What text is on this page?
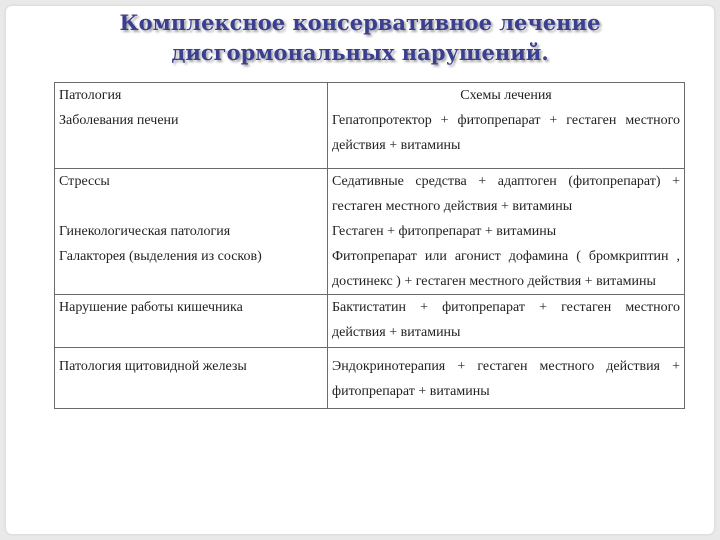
Комплексное консервативное лечение
дисгормональных нарушений.
Патология	Схемы лечения
Заболевания печени	Гепатопротектор + фитопрепарат + гестаген местного действия + витамины
Стрессы	Седативные средства + адаптоген (фитопрепарат) + гестаген местного действия + витамины
Гинекологическая патология	Гестаген + фитопрепарат + витамины
Галакторея (выделения из сосков)	Фитопрепарат или агонист дофамина ( бромкриптин , достинекс ) + гестаген местного действия + витамины
Нарушение работы кишечника	Бактистатин + фитопрепарат + гестаген местного действия + витамины
Патология щитовидной железы	Эндокринотерапия + гестаген местного действия + фитопрепарат + витамины
